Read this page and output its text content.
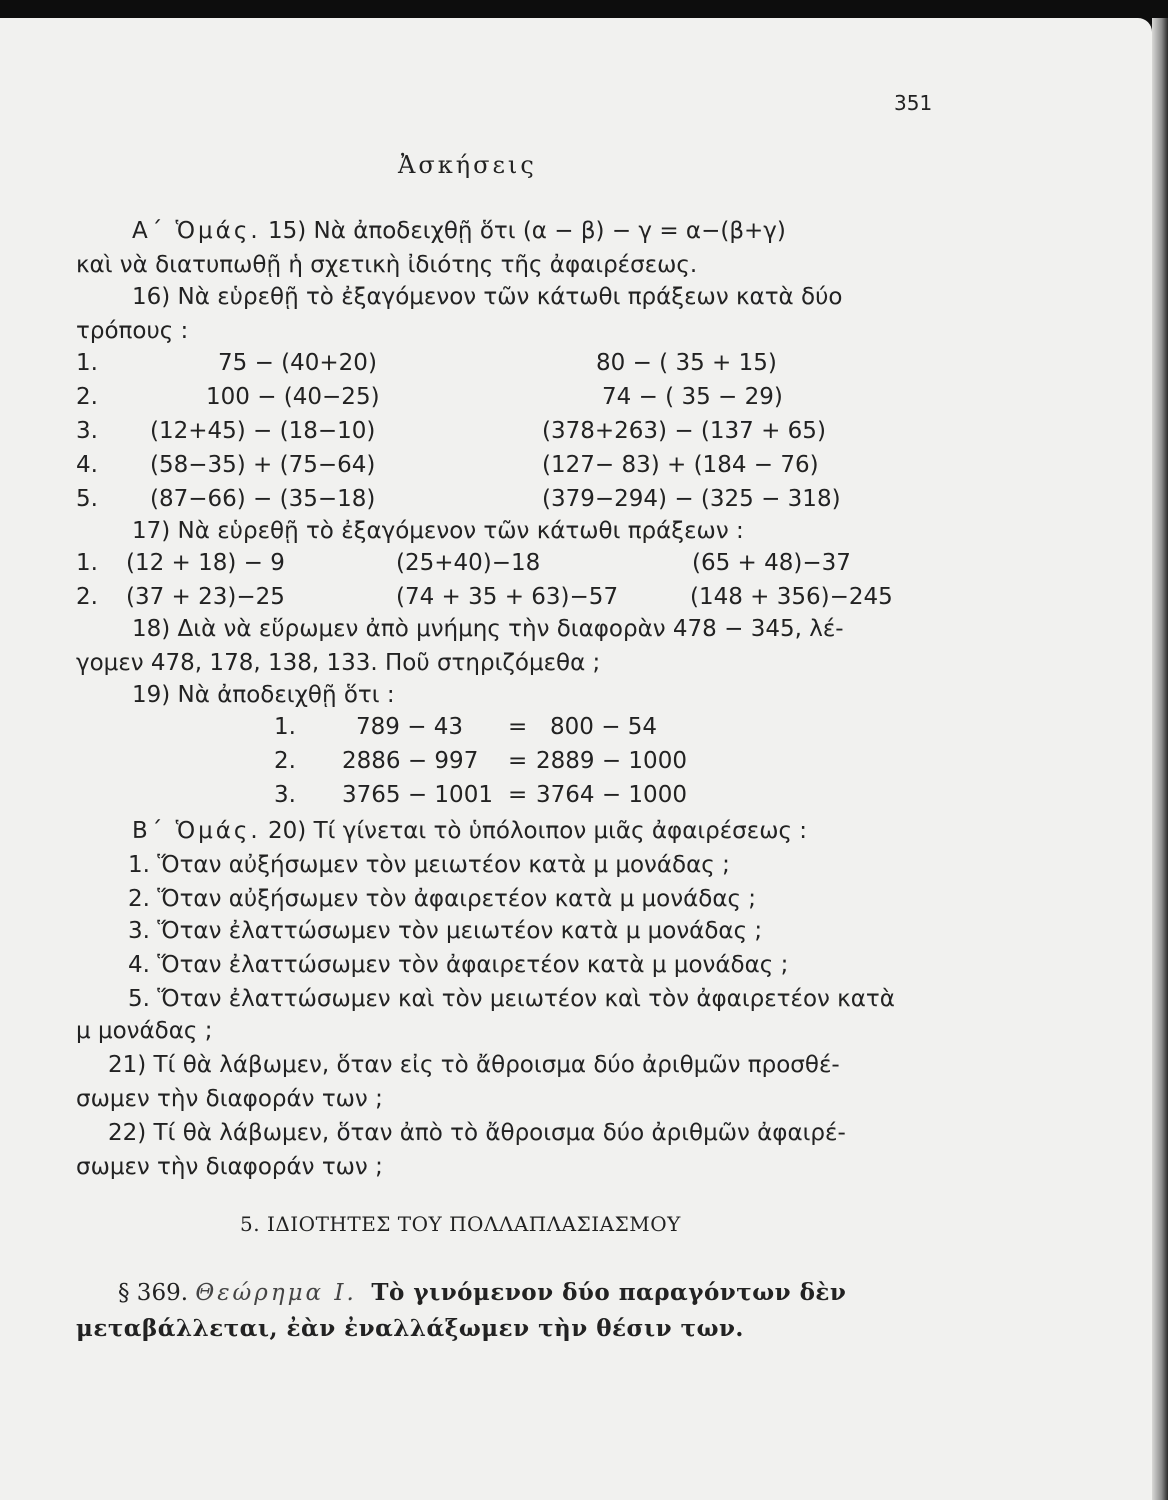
351
Ἀσκήσεις
Α΄ Ὁμάς. 15) Νὰ ἀποδειχθῇ ὅτι (α − β) − γ = α−(β+γ)
καὶ νὰ διατυπωθῇ ἡ σχετικὴ ἰδιότης τῆς ἀφαιρέσεως.
16) Νὰ εὑρεθῇ τὸ ἐξαγόμενον τῶν κάτωθι πράξεων κατὰ δύο
τρόπους :
1.	75 − (40+20)	80 − ( 35 + 15)
2.	100 − (40−25)	74 − ( 35 − 29)
3. (12+45) − (18−10)	(378+263) − (137 + 65)
4. (58−35) + (75−64)	(127− 83) + (184 − 76)
5. (87−66) − (35−18)	(379−294) − (325 − 318)
17) Νὰ εὑρεθῇ τὸ ἐξαγόμενον τῶν κάτωθι πράξεων :
1. (12 + 18) − 9	(25+40)−18	(65 + 48)−37
2. (37 + 23)−25	(74 + 35 + 63)−57	(148 + 356)−245
18) Διὰ νὰ εὕρωμεν ἀπὸ μνήμης τὴν διαφορὰν 478 − 345, λέ-
γομεν 478, 178, 138, 133. Ποῦ στηριζόμεθα ;
19) Νὰ ἀποδειχθῇ ὅτι :
1.	789 − 43 = 800 − 54
2. 2886 − 997 = 2889 − 1000
3. 3765 − 1001 = 3764 − 1000
Β΄ Ὁμάς. 20) Τί γίνεται τὸ ὑπόλοιπον μιᾶς ἀφαιρέσεως :
1. Ὅταν αὐξήσωμεν τὸν μειωτέον κατὰ μ μονάδας ;
2. Ὅταν αὐξήσωμεν τὸν ἀφαιρετέον κατὰ μ μονάδας ;
3. Ὅταν ἐλαττώσωμεν τὸν μειωτέον κατὰ μ μονάδας ;
4. Ὅταν ἐλαττώσωμεν τὸν ἀφαιρετέον κατὰ μ μονάδας ;
5. Ὅταν ἐλαττώσωμεν καὶ τὸν μειωτέον καὶ τὸν ἀφαιρετέον κατὰ
μ μονάδας ;
21) Τί θὰ λάβωμεν, ὅταν εἰς τὸ ἄθροισμα δύο ἀριθμῶν προσθέ-
σωμεν τὴν διαφοράν των ;
22) Τί θὰ λάβωμεν, ὅταν ἀπὸ τὸ ἄθροισμα δύο ἀριθμῶν ἀφαιρέ-
σωμεν τὴν διαφοράν των ;
5. ΙΔΙΟΤΗΤΕΣ ΤΟΥ ΠΟΛΛΑΠΛΑΣΙΑΣΜΟΥ
§ 369. Θεώρημα Ι. Τὸ γινόμενον δύο παραγόντων δὲν
μεταβάλλεται, ἐὰν ἐναλλάξωμεν τὴν θέσιν των.
